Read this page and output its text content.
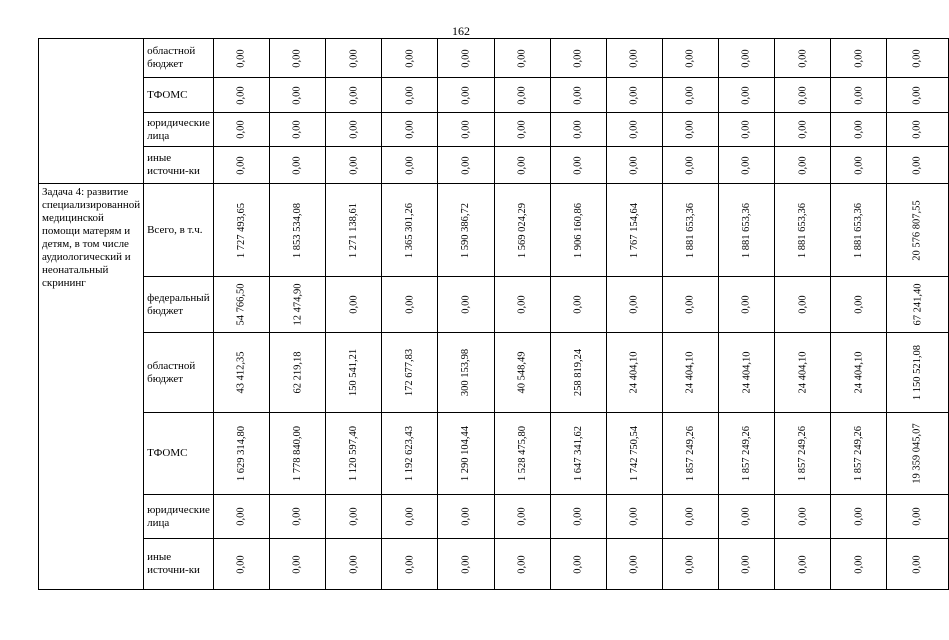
162
	областной бюджет	0,00	0,00	0,00	0,00	0,00	0,00	0,00	0,00	0,00	0,00	0,00	0,00	0,00
	ТФОМС	0,00	0,00	0,00	0,00	0,00	0,00	0,00	0,00	0,00	0,00	0,00	0,00	0,00
	юридические лица	0,00	0,00	0,00	0,00	0,00	0,00	0,00	0,00	0,00	0,00	0,00	0,00	0,00
	иные источни-ки	0,00	0,00	0,00	0,00	0,00	0,00	0,00	0,00	0,00	0,00	0,00	0,00	0,00
Задача 4: развитие специализированной медицинской помощи матерям и детям, в том числе аудиологический и неонатальный скрининг	Всего, в т.ч.	1 727 493,65	1 853 534,08	1 271 138,61	1 365 301,26	1 590 386,72	1 569 024,29	1 906 160,86	1 767 154,64	1 881 653,36	1 881 653,36	1 881 653,36	1 881 653,36	20 576 807,55
	федеральный бюджет	54 766,50	12 474,90	0,00	0,00	0,00	0,00	0,00	0,00	0,00	0,00	0,00	0,00	67 241,40
	областной бюджет	43 412,35	62 219,18	150 541,21	172 677,83	300 153,98	40 548,49	258 819,24	24 404,10	24 404,10	24 404,10	24 404,10	24 404,10	1 150 521,08
	ТФОМС	1 629 314,80	1 778 840,00	1 120 597,40	1 192 623,43	1 290 104,44	1 528 475,80	1 647 341,62	1 742 750,54	1 857 249,26	1 857 249,26	1 857 249,26	1 857 249,26	19 359 045,07
	юридические лица	0,00	0,00	0,00	0,00	0,00	0,00	0,00	0,00	0,00	0,00	0,00	0,00	0,00
	иные источни-ки	0,00	0,00	0,00	0,00	0,00	0,00	0,00	0,00	0,00	0,00	0,00	0,00	0,00
